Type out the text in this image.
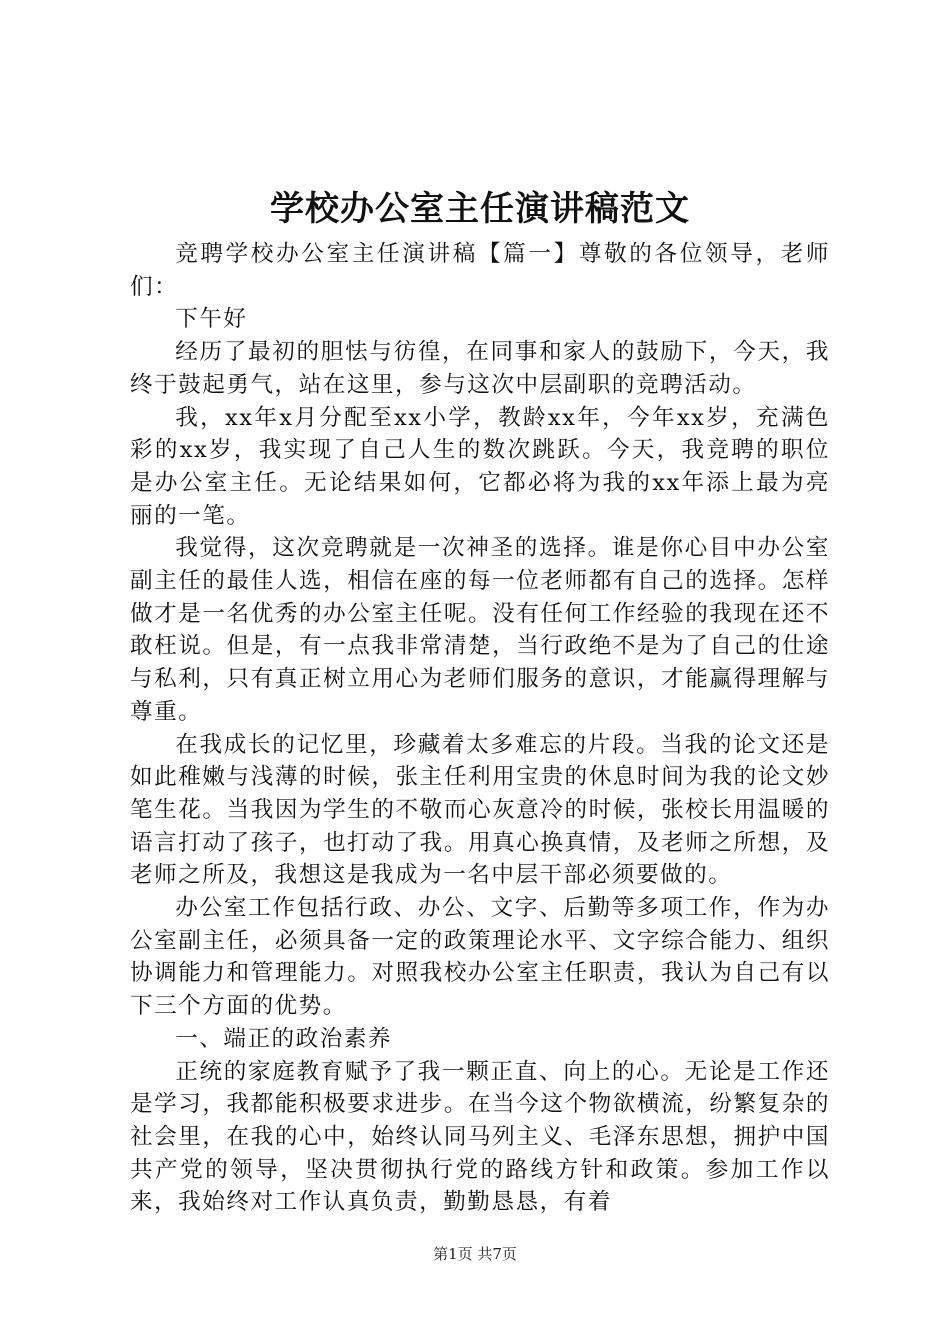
学校办公室主任演讲稿范文

竞聘学校办公室主任演讲稿【篇一】尊敬的各位领导，老师们：

下午好

经历了最初的胆怯与彷徨，在同事和家人的鼓励下，今天，我终于鼓起勇气，站在这里，参与这次中层副职的竞聘活动。

我，xx年x月分配至xx小学，教龄xx年，今年xx岁，充满色彩的xx岁，我实现了自己人生的数次跳跃。今天，我竞聘的职位是办公室主任。无论结果如何，它都必将为我的xx年添上最为亮丽的一笔。

我觉得，这次竞聘就是一次神圣的选择。谁是你心目中办公室副主任的最佳人选，相信在座的每一位老师都有自己的选择。怎样做才是一名优秀的办公室主任呢。没有任何工作经验的我现在还不敢枉说。但是，有一点我非常清楚，当行政绝不是为了自己的仕途与私利，只有真正树立用心为老师们服务的意识，才能赢得理解与尊重。

在我成长的记忆里，珍藏着太多难忘的片段。当我的论文还是如此稚嫩与浅薄的时候，张主任利用宝贵的休息时间为我的论文妙笔生花。当我因为学生的不敬而心灰意冷的时候，张校长用温暖的语言打动了孩子，也打动了我。用真心换真情，及老师之所想，及老师之所及，我想这是我成为一名中层干部必须要做的。

办公室工作包括行政、办公、文字、后勤等多项工作，作为办公室副主任，必须具备一定的政策理论水平、文字综合能力、组织协调能力和管理能力。对照我校办公室主任职责，我认为自己有以下三个方面的优势。

一、端正的政治素养

正统的家庭教育赋予了我一颗正直、向上的心。无论是工作还是学习，我都能积极要求进步。在当今这个物欲横流，纷繁复杂的社会里，在我的心中，始终认同马列主义、毛泽东思想，拥护中国共产党的领导，坚决贯彻执行党的路线方针和政策。参加工作以来，我始终对工作认真负责，勤勤恳恳，有着

第1页 共7页
